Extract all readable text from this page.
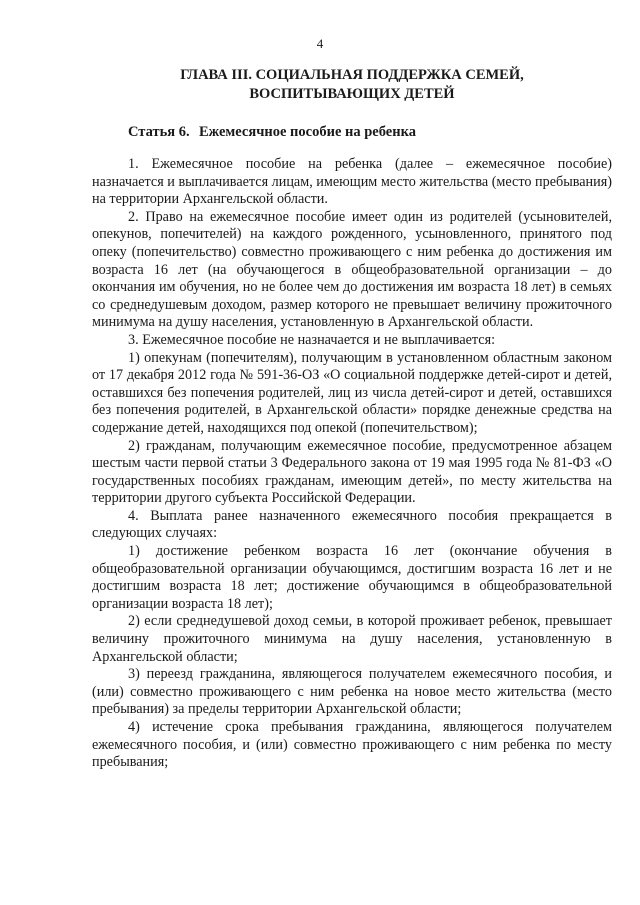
4
ГЛАВА III. СОЦИАЛЬНАЯ ПОДДЕРЖКА СЕМЕЙ,
ВОСПИТЫВАЮЩИХ ДЕТЕЙ
Статья 6. Ежемесячное пособие на ребенка

1. Ежемесячное пособие на ребенка (далее – ежемесячное пособие) назначается и выплачивается лицам, имеющим место жительства (место пребывания) на территории Архангельской области.

2. Право на ежемесячное пособие имеет один из родителей (усыновителей, опекунов, попечителей) на каждого рожденного, усыновленного, принятого под опеку (попечительство) совместно проживающего с ним ребенка до достижения им возраста 16 лет (на обучающегося в общеобразовательной организации – до окончания им обучения, но не более чем до достижения им возраста 18 лет) в семьях со среднедушевым доходом, размер которого не превышает величину прожиточного минимума на душу населения, установленную в Архангельской области.

3. Ежемесячное пособие не назначается и не выплачивается:

1) опекунам (попечителям), получающим в установленном областным законом от 17 декабря 2012 года № 591-36-ОЗ «О социальной поддержке детей-сирот и детей, оставшихся без попечения родителей, лиц из числа детей-сирот и детей, оставшихся без попечения родителей, в Архангельской области» порядке денежные средства на содержание детей, находящихся под опекой (попечительством);

2) гражданам, получающим ежемесячное пособие, предусмотренное абзацем шестым части первой статьи 3 Федерального закона от 19 мая 1995 года № 81-ФЗ «О государственных пособиях гражданам, имеющим детей», по месту жительства на территории другого субъекта Российской Федерации.

4. Выплата ранее назначенного ежемесячного пособия прекращается в следующих случаях:

1) достижение ребенком возраста 16 лет (окончание обучения в общеобразовательной организации обучающимся, достигшим возраста 16 лет и не достигшим возраста 18 лет; достижение обучающимся в общеобразовательной организации возраста 18 лет);

2) если среднедушевой доход семьи, в которой проживает ребенок, превышает величину прожиточного минимума на душу населения, установленную в Архангельской области;

3) переезд гражданина, являющегося получателем ежемесячного пособия, и (или) совместно проживающего с ним ребенка на новое место жительства (место пребывания) за пределы территории Архангельской области;

4) истечение срока пребывания гражданина, являющегося получателем ежемесячного пособия, и (или) совместно проживающего с ним ребенка по месту пребывания;
